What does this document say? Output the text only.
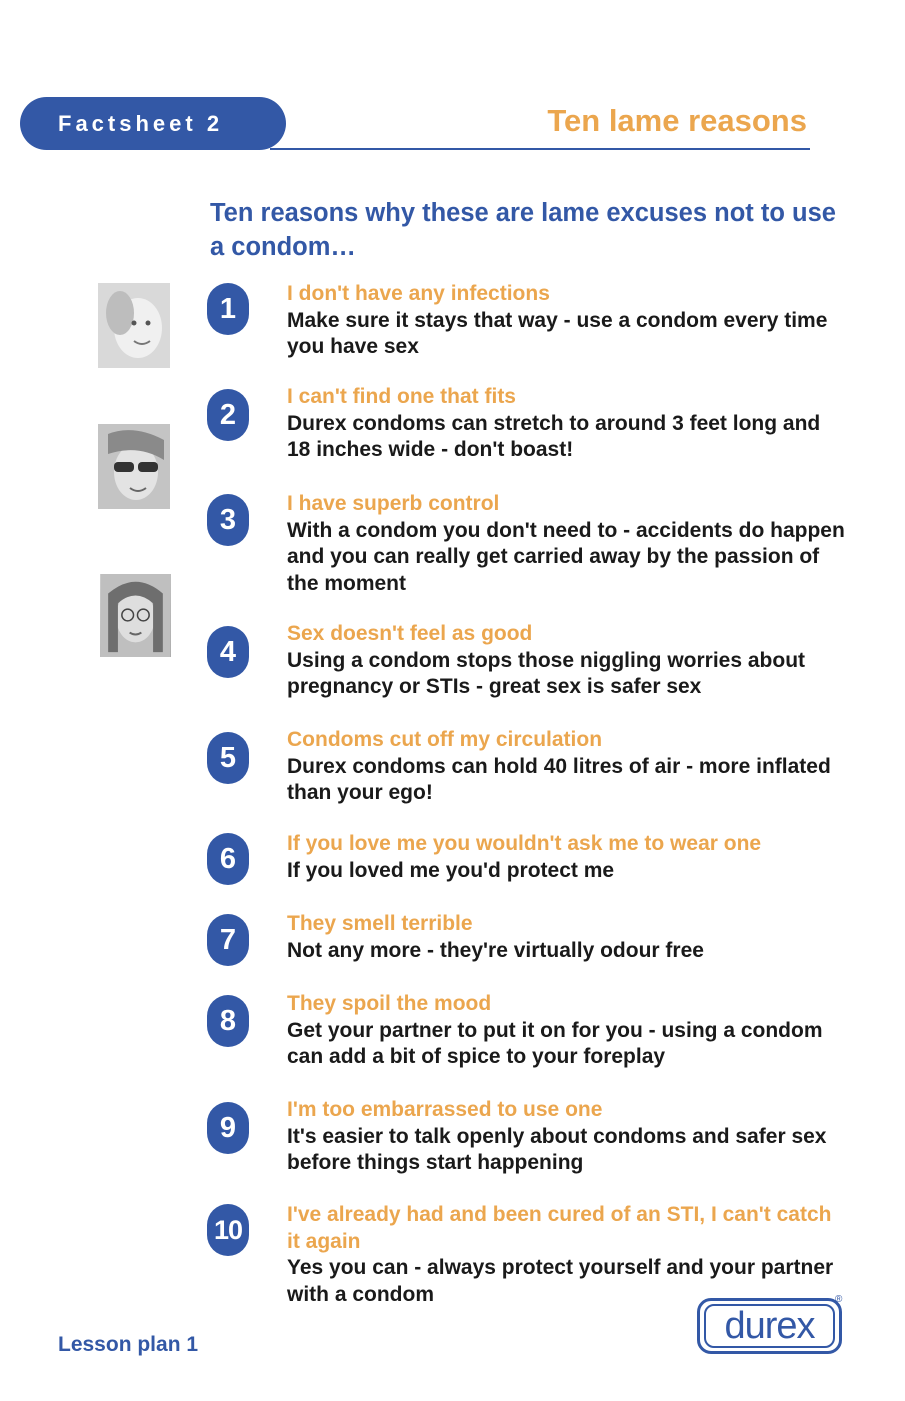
Factsheet 2	Ten lame reasons
Ten reasons why these are lame excuses not to use a condom…
1	I don't have any infections
Make sure it stays that way - use a condom every time you have sex
2
I can't find one that fits
Durex condoms can stretch to around 3 feet long and 18 inches wide - don't boast!
3	I have superb control
With a condom you don't need to - accidents do happen and you can really get carried away by the passion of the moment
4
Sex doesn't feel as good
Using a condom stops those niggling worries about pregnancy or STIs - great sex is safer sex
5
Condoms cut off my circulation
Durex condoms can hold 40 litres of air - more inflated than your ego!
6	If you love me you wouldn't ask me to wear one
If you loved me you'd protect me
7	They smell terrible
Not any more - they're virtually odour free
8
They spoil the mood
Get your partner to put it on for you - using a condom can add a bit of spice to your foreplay
9
I'm too embarrassed to use one
It's easier to talk openly about condoms and safer sex before things start happening
10	I've already had and been cured of an STI, I can't catch it again
Yes you can - always protect yourself and your partner with a condom
Lesson plan 1	durex
®
